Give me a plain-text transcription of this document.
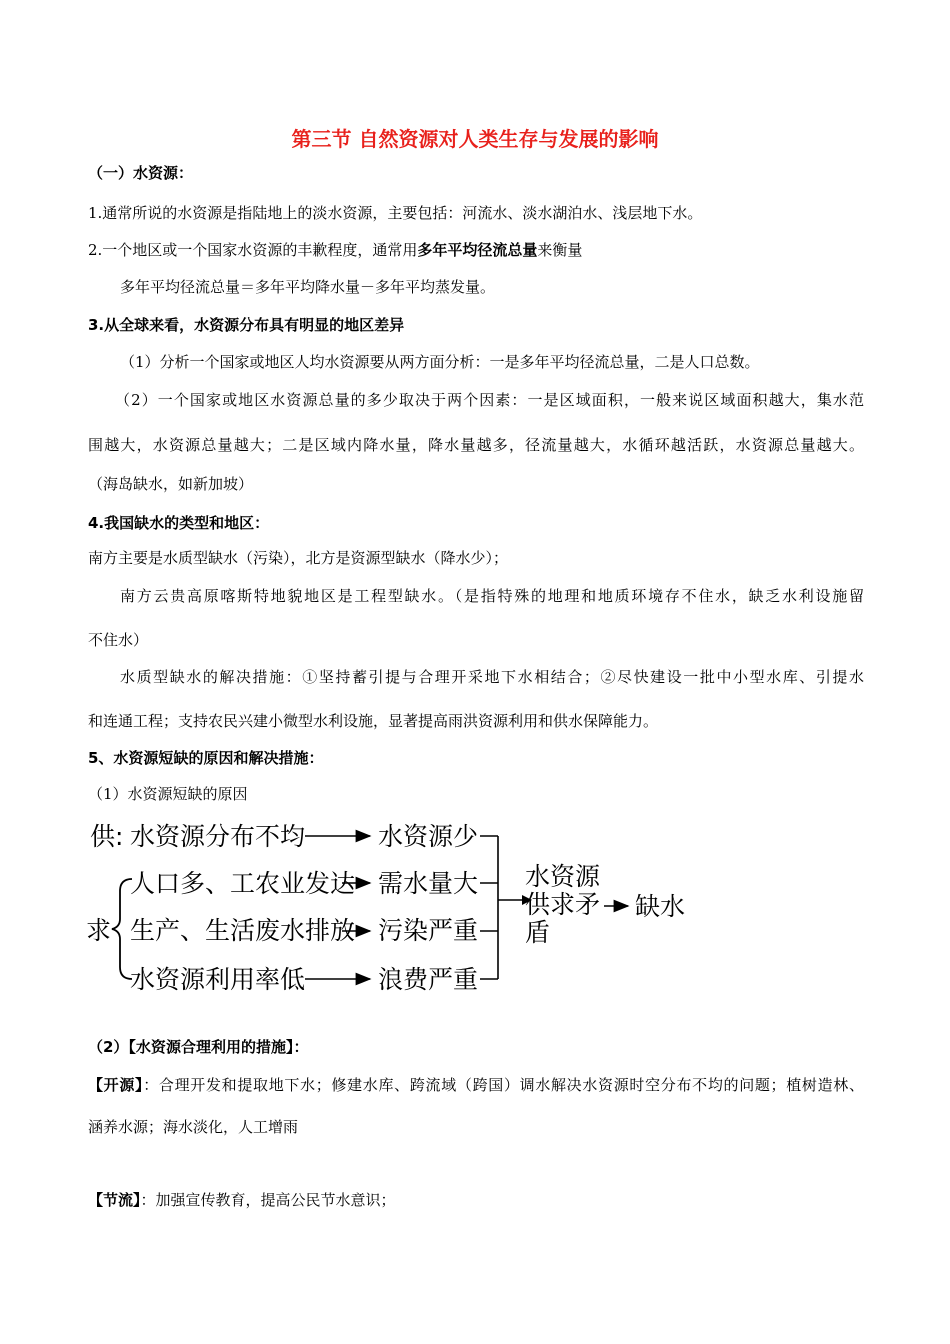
第三节 自然资源对人类生存与发展的影响
（一）水资源：
1.通常所说的水资源是指陆地上的淡水资源，主要包括：河流水、淡水湖泊水、浅层地下水。
2.一个地区或一个国家水资源的丰歉程度，通常用多年平均径流总量来衡量
多年平均径流总量＝多年平均降水量－多年平均蒸发量。
3.从全球来看，水资源分布具有明显的地区差异
（1）分析一个国家或地区人均水资源要从两方面分析：一是多年平均径流总量，二是人口总数。
（2）一个国家或地区水资源总量的多少取决于两个因素：一是区域面积，一般来说区域面积越大，集水范
围越大，水资源总量越大；二是区域内降水量，降水量越多，径流量越大，水循环越活跃，水资源总量越大。
（海岛缺水，如新加坡）
4.我国缺水的类型和地区：
南方主要是水质型缺水（污染），北方是资源型缺水（降水少）；
南方云贵高原喀斯特地貌地区是工程型缺水。（是指特殊的地理和地质环境存不住水，缺乏水利设施留
不住水）
水质型缺水的解决措施：①坚持蓄引提与合理开采地下水相结合；②尽快建设一批中小型水库、引提水
和连通工程；支持农民兴建小微型水利设施，显著提高雨洪资源利用和供水保障能力。
5、水资源短缺的原因和解决措施：
（1）水资源短缺的原因
供: 水资源分布不均	水资源少
求
人口多、工农业发达 需水量大
生产、生活废水排放 污染严重
水资源利用率低	浪费严重
水资源
供求矛
盾
缺水
（2）【水资源合理利用的措施】：
【开源】：合理开发和提取地下水；修建水库、跨流域（跨国）调水解决水资源时空分布不均的问题；植树造林、
涵养水源；海水淡化，人工增雨
【节流】：加强宣传教育，提高公民节水意识；
